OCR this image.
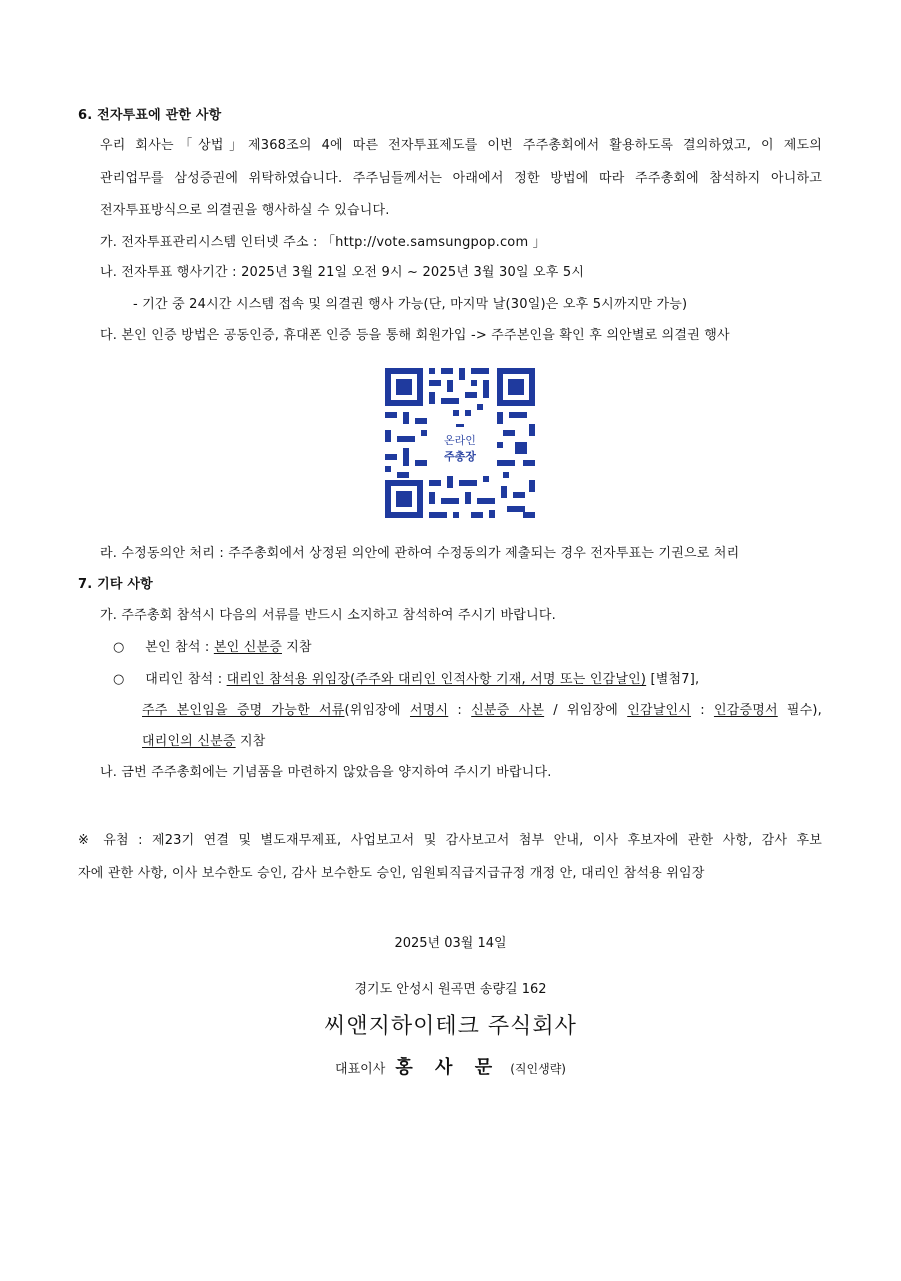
6. 전자투표에 관한 사항
우리 회사는「상법」제368조의 4에 따른 전자투표제도를 이번 주주총회에서 활용하도록 결의하였고, 이 제도의
관리업무를 삼성증권에 위탁하였습니다. 주주님들께서는 아래에서 정한 방법에 따라 주주총회에 참석하지 아니하고
전자투표방식으로 의결권을 행사하실 수 있습니다.
가. 전자투표관리시스템 인터넷 주소 : 「http://vote.samsungpop.com 」
나. 전자투표 행사기간 : 2025년 3월 21일 오전 9시 ~ 2025년 3월 30일 오후 5시
- 기간 중 24시간 시스템 접속 및 의결권 행사 가능(단, 마지막 날(30일)은 오후 5시까지만 가능)
다. 본인 인증 방법은 공동인증, 휴대폰 인증 등을 통해 회원가입 -> 주주본인을 확인 후 의안별로 의결권 행사
온라인
주총장
라. 수정동의안 처리 : 주주총회에서 상정된 의안에 관하여 수정동의가 제출되는 경우 전자투표는 기권으로 처리
7. 기타 사항
가. 주주총회 참석시 다음의 서류를 반드시 소지하고 참석하여 주시기 바랍니다.
○ 본인 참석 : 본인 신분증 지참
○ 대리인 참석 : 대리인 참석용 위임장(주주와 대리인 인적사항 기재, 서명 또는 인감날인) [별첨7],
주주 본인임을 증명 가능한 서류(위임장에 서명시 : 신분증 사본 / 위임장에 인감날인시 : 인감증명서 필수),
대리인의 신분증 지참
나. 금번 주주총회에는 기념품을 마련하지 않았음을 양지하여 주시기 바랍니다.
※ 유첨 : 제23기 연결 및 별도재무제표, 사업보고서 및 감사보고서 첨부 안내, 이사 후보자에 관한 사항, 감사 후보
자에 관한 사항, 이사 보수한도 승인, 감사 보수한도 승인, 임원퇴직급지급규정 개정 안, 대리인 참석용 위임장
2025년 03월 14일
경기도 안성시 원곡면 송량길 162
씨앤지하이테크 주식회사
대표이사 홍 사 문 (직인생략)
